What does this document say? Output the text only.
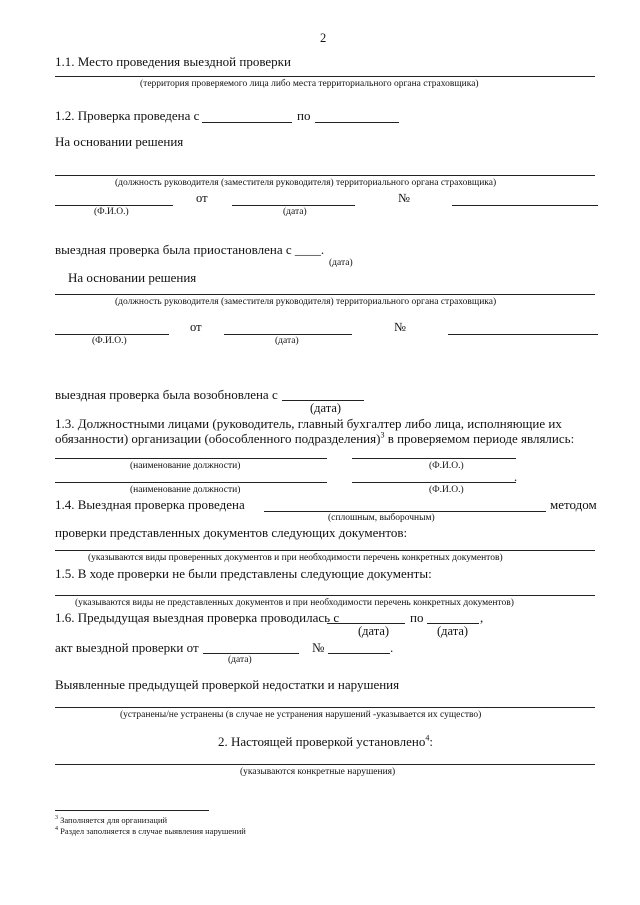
2
1.1. Место проведения выездной проверки
(территория проверяемого лица либо места территориального органа страховщика)
1.2. Проверка проведена с	по
На основании решения
(должность руководителя (заместителя руководителя) территориального органа страховщика)
от	№
(Ф.И.О.)	(дата)
выездная проверка была приостановлена с ____.
(дата)
На основании решения
(должность руководителя (заместителя руководителя) территориального органа страховщика)
от	№
(Ф.И.О.)	(дата)
выездная проверка была возобновлена с
(дата)
1.3. Должностными лицами (руководитель, главный бухгалтер либо лица, исполняющие их
обязанности) организации (обособленного подразделения)$^3$ в проверяемом периоде являлись:
(наименование должности)	(Ф.И.О.)
.
(наименование должности)	(Ф.И.О.)
1.4. Выездная проверка проведена	методом
(сплошным, выборочным)
проверки представленных документов следующих документов:
(указываются виды проверенных документов и при необходимости перечень конкретных документов)
1.5. В ходе проверки не были представлены следующие документы:
(указываются виды не представленных документов и при необходимости перечень конкретных документов)
1.6. Предыдущая выездная проверка проводилась с	по	,
(дата)	(дата)
акт выездной проверки от	№	.
(дата)
Выявленные предыдущей проверкой недостатки и нарушения
(устранены/не устранены (в случае не устранения нарушений -указывается их существо)
2. Настоящей проверкой установлено$^4$:
(указываются конкретные нарушения)
$^3$ Заполняется для организаций
$^4$ Раздел заполняется в случае выявления нарушений
